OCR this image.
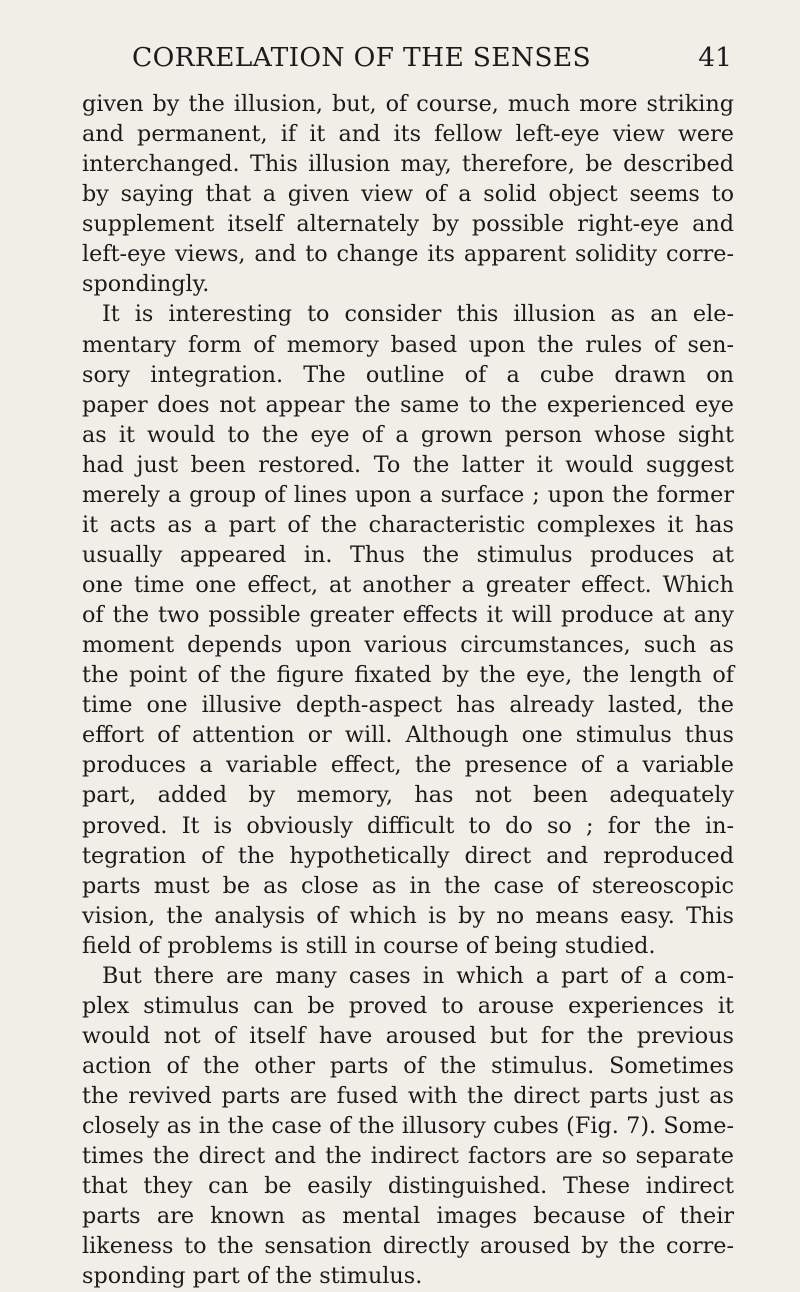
CORRELATION OF THE SENSES	41
given by the illusion, but, of course, much more striking
and permanent, if it and its fellow left-eye view were
interchanged. This illusion may, therefore, be described
by saying that a given view of a solid object seems to
supplement itself alternately by possible right-eye and
left-eye views, and to change its apparent solidity corre-
spondingly.
It is interesting to consider this illusion as an ele-
mentary form of memory based upon the rules of sen-
sory integration. The outline of a cube drawn on
paper does not appear the same to the experienced eye
as it would to the eye of a grown person whose sight
had just been restored. To the latter it would suggest
merely a group of lines upon a surface ; upon the former
it acts as a part of the characteristic complexes it has
usually appeared in. Thus the stimulus produces at
one time one effect, at another a greater effect. Which
of the two possible greater effects it will produce at any
moment depends upon various circumstances, such as
the point of the figure fixated by the eye, the length of
time one illusive depth-aspect has already lasted, the
effort of attention or will. Although one stimulus thus
produces a variable effect, the presence of a variable
part, added by memory, has not been adequately
proved. It is obviously difficult to do so ; for the in-
tegration of the hypothetically direct and reproduced
parts must be as close as in the case of stereoscopic
vision, the analysis of which is by no means easy. This
field of problems is still in course of being studied.
But there are many cases in which a part of a com-
plex stimulus can be proved to arouse experiences it
would not of itself have aroused but for the previous
action of the other parts of the stimulus. Sometimes
the revived parts are fused with the direct parts just as
closely as in the case of the illusory cubes (Fig. 7). Some-
times the direct and the indirect factors are so separate
that they can be easily distinguished. These indirect
parts are known as mental images because of their
likeness to the sensation directly aroused by the corre-
sponding part of the stimulus.
